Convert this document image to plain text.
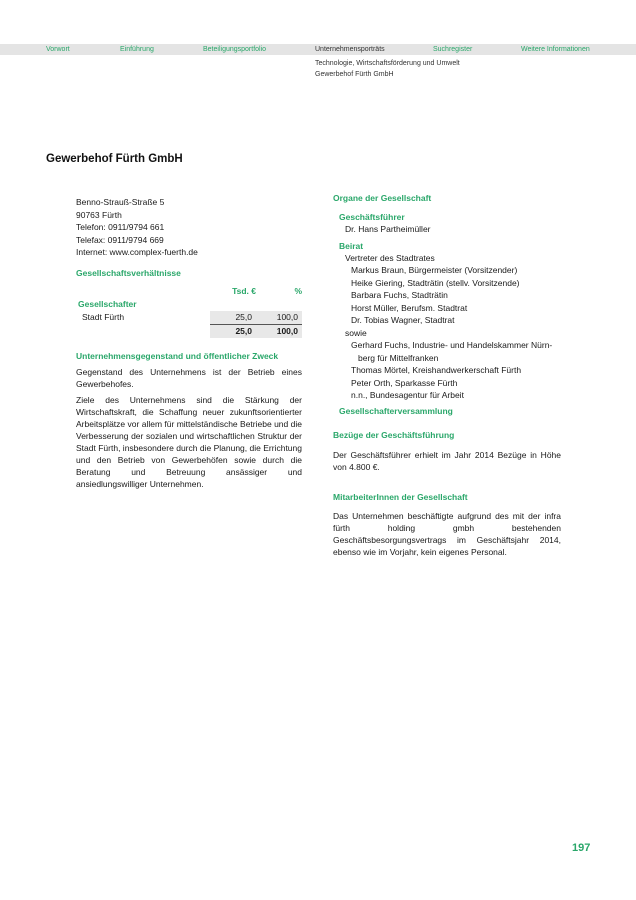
Vorwort	Einführung	Beteiligungsportfolio	Unternehmensporträts	Suchregister	Weitere Informationen
Technologie, Wirtschaftsförderung und Umwelt
Gewerbehof Fürth GmbH
Gewerbehof Fürth GmbH
Benno-Strauß-Straße 5
90763 Fürth
Telefon: 0911/9794 661
Telefax: 0911/9794 669
Internet: www.complex-fuerth.de
Gesellschaftsverhältnisse
	Tsd. €	%
Gesellschafter		
Stadt Fürth	25,0	100,0
	25,0	100,0
Unternehmensgegenstand und öffentlicher Zweck

Gegenstand des Unternehmens ist der Betrieb eines Gewerbehofes.

Ziele des Unternehmens sind die Stärkung der Wirtschaftskraft, die Schaffung neuer zukunftsorientierter Arbeitsplätze vor allem für mittelständische Betriebe und die Verbesserung der sozialen und wirtschaftlichen Struktur der Stadt Fürth, insbesondere durch die Planung, die Errichtung und den Betrieb von Gewerbehöfen sowie durch die Beratung und Betreuung ansässiger und ansiedlungswilliger Unternehmen.

Organe der Gesellschaft
Geschäftsführer
Dr. Hans Partheimüller
Beirat
Vertreter des Stadtrates
Markus Braun, Bürgermeister (Vorsitzender)
Heike Giering, Stadträtin (stellv. Vorsitzende)
Barbara Fuchs, Stadträtin
Horst Müller, Berufsm. Stadtrat
Dr. Tobias Wagner, Stadtrat
sowie
Gerhard Fuchs, Industrie- und Handelskammer Nürn-
berg für Mittelfranken
Thomas Mörtel, Kreishandwerkerschaft Fürth
Peter Orth, Sparkasse Fürth
n.n., Bundesagentur für Arbeit
Gesellschafterversammlung
Bezüge der Geschäftsführung

Der Geschäftsführer erhielt im Jahr 2014 Bezüge in Höhe von 4.800 €.

MitarbeiterInnen der Gesellschaft

Das Unternehmen beschäftigte aufgrund des mit der infra fürth holding gmbh bestehenden Geschäftsbesorgungsvertrags im Geschäftsjahr 2014, ebenso wie im Vorjahr, kein eigenes Personal.

197
